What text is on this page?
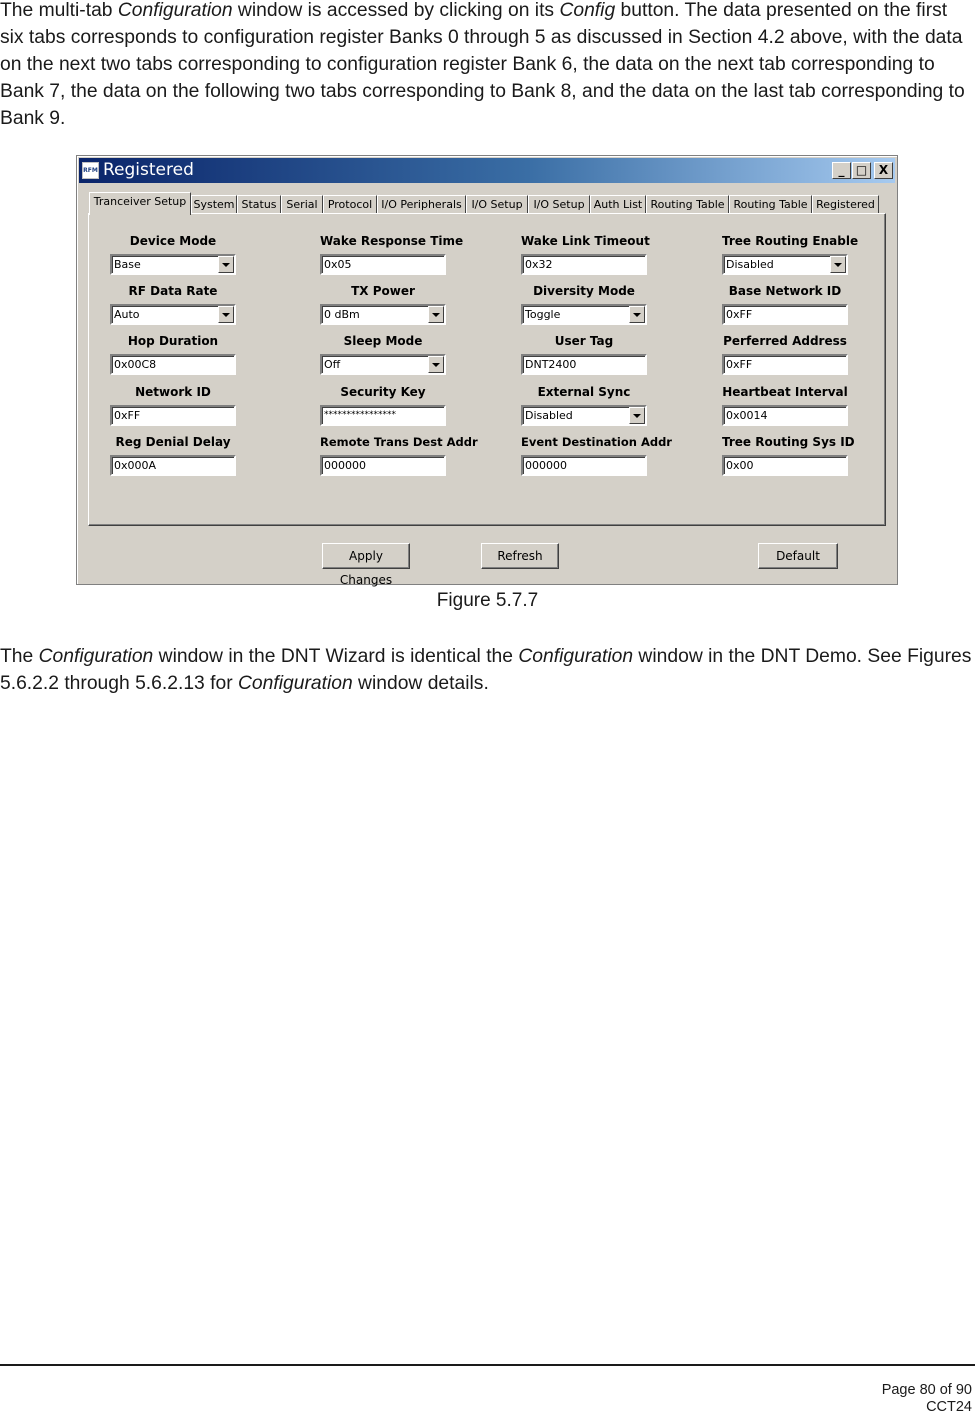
The multi-tab Configuration window is accessed by clicking on its Config button. The data presented on the first six tabs corresponds to configuration register Banks 0 through 5 as discussed in Section 4.2 above, with the data on the next two tabs corresponding to configuration register Bank 6, the data on the next tab corresponding to Bank 7, the data on the following two tabs corresponding to Bank 8, and the data on the last tab corresponding to Bank 9.

RFM Registered	_ □ X
Tranceiver Setup System Status Serial Protocol I/O Peripherals I/O Setup I/O Setup Auth List Routing Table Routing Table Registered
Device Mode
Base
Wake Response Time
0x05
Wake Link Timeout
0x32
Tree Routing Enable
Disabled
RF Data Rate
Auto
TX Power
0 dBm
Diversity Mode
Toggle
Base Network ID
0xFF
Hop Duration
0x00C8
Sleep Mode
Off
User Tag
DNT2400
Perferred Address
0xFF
Network ID
0xFF
Security Key
****************
External Sync
Disabled
Heartbeat Interval
0x0014
Reg Denial Delay
0x000A
Remote Trans Dest Addr
000000
Event Destination Addr
000000
Tree Routing Sys ID
0x00
Apply Changes
Refresh	Default
Figure 5.7.7

The Configuration window in the DNT Wizard is identical the Configuration window in the DNT Demo. See Figures 5.6.2.2 through 5.6.2.13 for Configuration window details.

Page 80 of 90
CCT24
